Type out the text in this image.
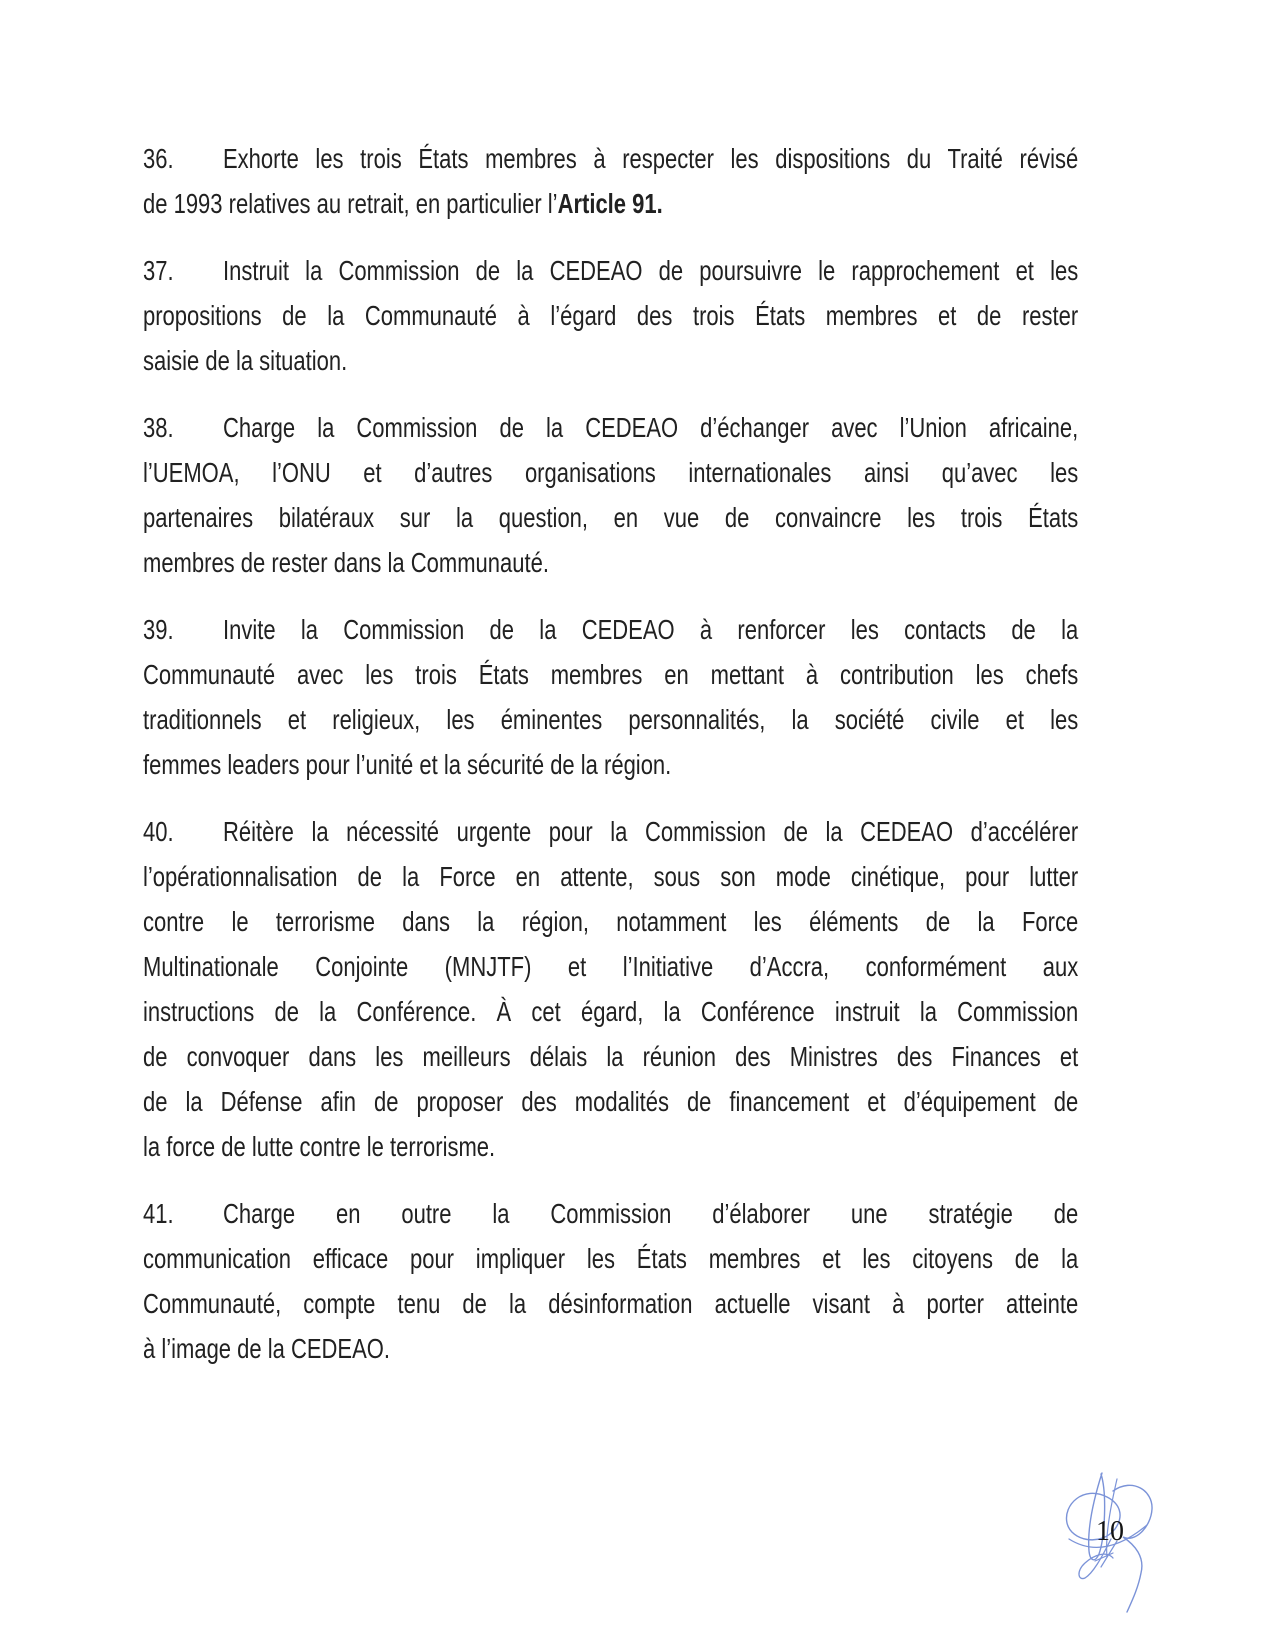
36. Exhorte les trois États membres à respecter les dispositions du Traité révisé
de 1993 relatives au retrait, en particulier l’Article 91.

37. Instruit la Commission de la CEDEAO de poursuivre le rapprochement et les
propositions de la Communauté à l’égard des trois États membres et de rester
saisie de la situation.

38. Charge la Commission de la CEDEAO d’échanger avec l’Union africaine,
l’UEMOA, l’ONU et d’autres organisations internationales ainsi qu’avec les
partenaires bilatéraux sur la question, en vue de convaincre les trois États
membres de rester dans la Communauté.

39. Invite la Commission de la CEDEAO à renforcer les contacts de la
Communauté avec les trois États membres en mettant à contribution les chefs
traditionnels et religieux, les éminentes personnalités, la société civile et les
femmes leaders pour l’unité et la sécurité de la région.

40. Réitère la nécessité urgente pour la Commission de la CEDEAO d’accélérer
l’opérationnalisation de la Force en attente, sous son mode cinétique, pour lutter
contre le terrorisme dans la région, notamment les éléments de la Force
Multinationale Conjointe (MNJTF) et l’Initiative d’Accra, conformément aux
instructions de la Conférence. À cet égard, la Conférence instruit la Commission
de convoquer dans les meilleurs délais la réunion des Ministres des Finances et
de la Défense afin de proposer des modalités de financement et d’équipement de
la force de lutte contre le terrorisme.

41. Charge en outre la Commission d’élaborer une stratégie de
communication efficace pour impliquer les États membres et les citoyens de la
Communauté, compte tenu de la désinformation actuelle visant à porter atteinte
à l’image de la CEDEAO.

10
